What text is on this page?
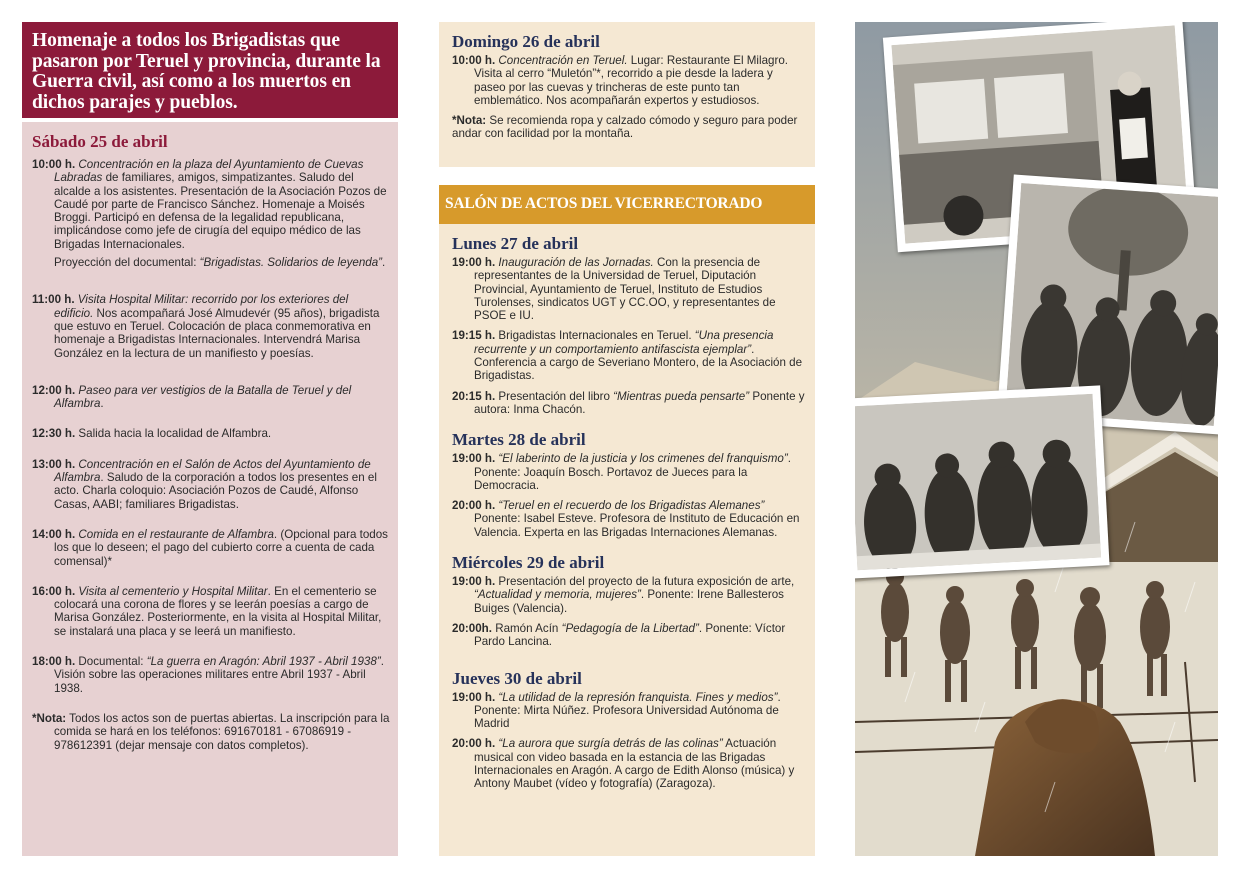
Homenaje a todos los Brigadistas que pasaron por Teruel y provincia, durante la Guerra civil, así como a los muertos en dichos parajes y pueblos.
Sábado 25 de abril

10:00 h. Concentración en la plaza del Ayuntamiento de Cuevas Labradas de familiares, amigos, simpatizantes. Saludo del alcalde a los asistentes. Presentación de la Asociación Pozos de Caudé por parte de Francisco Sánchez. Homenaje a Moisés Broggi. Participó en defensa de la legalidad republicana, implicándose como jefe de cirugía del equipo médico de las Brigadas Internacionales.

Proyección del documental: “Brigadistas. Solidarios de leyenda”.

11:00 h. Visita Hospital Militar: recorrido por los exteriores del edificio. Nos acompañará José Almudevér (95 años), brigadista que estuvo en Teruel. Colocación de placa conmemorativa en homenaje a Brigadistas Internacionales. Intervendrá Marisa González en la lectura de un manifiesto y poesías.

12:00 h. Paseo para ver vestigios de la Batalla de Teruel y del Alfambra.

12:30 h. Salida hacia la localidad de Alfambra.

13:00 h. Concentración en el Salón de Actos del Ayuntamiento de Alfambra. Saludo de la corporación a todos los presentes en el acto. Charla coloquio: Asociación Pozos de Caudé, Alfonso Casas, AABI; familiares Brigadistas.

14:00 h. Comida en el restaurante de Alfambra. (Opcional para todos los que lo deseen; el pago del cubierto corre a cuenta de cada comensal)*

16:00 h. Visita al cementerio y Hospital Militar. En el cementerio se colocará una corona de flores y se leerán poesías a cargo de Marisa González. Posteriormente, en la visita al Hospital Militar, se instalará una placa y se leerá un manifiesto.

18:00 h. Documental: “La guerra en Aragón: Abril 1937 - Abril 1938”. Visión sobre las operaciones militares entre Abril 1937 - Abril 1938.

*Nota: Todos los actos son de puertas abiertas. La inscripción para la comida se hará en los teléfonos: 691670181 - 67086919 - 978612391 (dejar mensaje con datos completos).

Domingo 26 de abril

10:00 h. Concentración en Teruel. Lugar: Restaurante El Milagro. Visita al cerro “Muletón”*, recorrido a pie desde la ladera y paseo por las cuevas y trincheras de este punto tan emblemático. Nos acompañarán expertos y estudiosos.

*Nota: Se recomienda ropa y calzado cómodo y seguro para poder andar con facilidad por la montaña.

SALÓN DE ACTOS DEL VICERRECTORADO
Lunes 27 de abril

19:00 h. Inauguración de las Jornadas. Con la presencia de representantes de la Universidad de Teruel, Diputación Provincial, Ayuntamiento de Teruel, Instituto de Estudios Turolenses, sindicatos UGT y CC.OO, y representantes de PSOE e IU.

19:15 h. Brigadistas Internacionales en Teruel. “Una presencia recurrente y un comportamiento antifascista ejemplar”. Conferencia a cargo de Severiano Montero, de la Asociación de Brigadistas.

20:15 h. Presentación del libro “Mientras pueda pensarte” Ponente y autora: Inma Chacón.

Martes 28 de abril

19:00 h. “El laberinto de la justicia y los crimenes del franquismo”. Ponente: Joaquín Bosch. Portavoz de Jueces para la Democracia.

20:00 h. “Teruel en el recuerdo de los Brigadistas Alemanes” Ponente: Isabel Esteve. Profesora de Instituto de Educación en Valencia. Experta en las Brigadas Internaciones Alemanas.

Miércoles 29 de abril

19:00 h. Presentación del proyecto de la futura exposición de arte, “Actualidad y memoria, mujeres”. Ponente: Irene Ballesteros Buiges (Valencia).

20:00h. Ramón Acín “Pedagogía de la Libertad”. Ponente: Víctor Pardo Lancina.

Jueves 30 de abril

19:00 h. “La utilidad de la represión franquista. Fines y medios”. Ponente: Mirta Núñez. Profesora Universidad Autónoma de Madrid

20:00 h. “La aurora que surgía detrás de las colinas” Actuación musical con video basada en la estancia de las Brigadas Internacionales en Aragón. A cargo de Edith Alonso (música) y Antony Maubet (vídeo y fotografía) (Zaragoza).
